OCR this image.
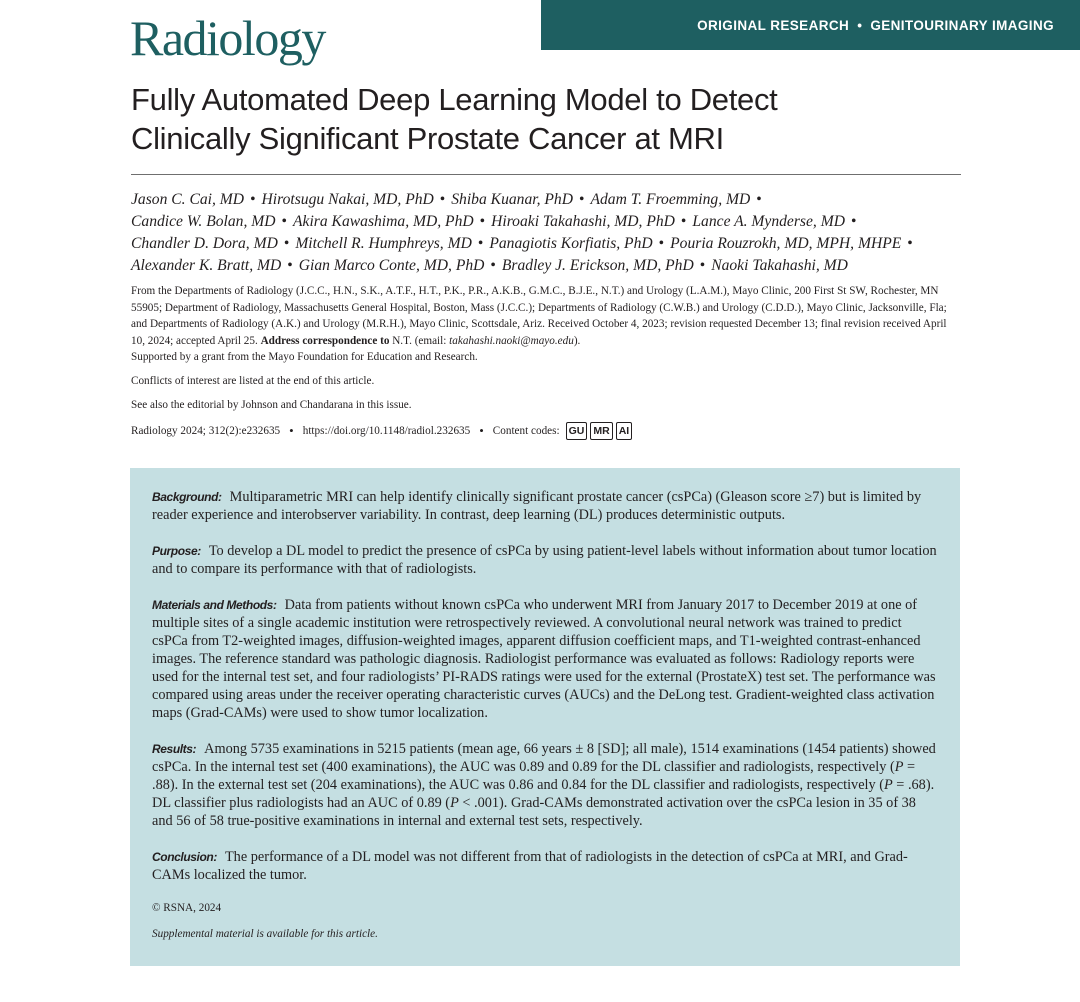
ORIGINAL RESEARCH • GENITOURINARY IMAGING
Radiology
Fully Automated Deep Learning Model to Detect
Clinically Significant Prostate Cancer at MRI
Jason C. Cai, MD • Hirotsugu Nakai, MD, PhD • Shiba Kuanar, PhD • Adam T. Froemming, MD •
Candice W. Bolan, MD • Akira Kawashima, MD, PhD • Hiroaki Takahashi, MD, PhD • Lance A. Mynderse, MD •
Chandler D. Dora, MD • Mitchell R. Humphreys, MD • Panagiotis Korfiatis, PhD • Pouria Rouzrokh, MD, MPH, MHPE •
Alexander K. Bratt, MD • Gian Marco Conte, MD, PhD • Bradley J. Erickson, MD, PhD • Naoki Takahashi, MD
From the Departments of Radiology (J.C.C., H.N., S.K., A.T.F., H.T., P.K., P.R., A.K.B., G.M.C., B.J.E., N.T.) and Urology (L.A.M.), Mayo Clinic, 200 First St SW, Rochester, MN 55905; Department of Radiology, Massachusetts General Hospital, Boston, Mass (J.C.C.); Departments of Radiology (C.W.B.) and Urology (C.D.D.), Mayo Clinic, Jacksonville, Fla; and Departments of Radiology (A.K.) and Urology (M.R.H.), Mayo Clinic, Scottsdale, Ariz. Received October 4, 2023; revision requested December 13; final revision received April 10, 2024; accepted April 25. Address correspondence to N.T. (email: takahashi.naoki@mayo.edu).
Supported by a grant from the Mayo Foundation for Education and Research.
Conflicts of interest are listed at the end of this article.
See also the editorial by Johnson and Chandarana in this issue.
Radiology 2024; 312(2):e232635 • https://doi.org/10.1148/radiol.232635 • Content codes: GU MR AI

Background: Multiparametric MRI can help identify clinically significant prostate cancer (csPCa) (Gleason score ≥7) but is limited by reader experience and interobserver variability. In contrast, deep learning (DL) produces deterministic outputs.

Purpose: To develop a DL model to predict the presence of csPCa by using patient-level labels without information about tumor location and to compare its performance with that of radiologists.

Materials and Methods: Data from patients without known csPCa who underwent MRI from January 2017 to December 2019 at one of multiple sites of a single academic institution were retrospectively reviewed. A convolutional neural network was trained to predict csPCa from T2-weighted images, diffusion-weighted images, apparent diffusion coefficient maps, and T1-weighted contrast-enhanced images. The reference standard was pathologic diagnosis. Radiologist performance was evaluated as follows: Radiology reports were used for the internal test set, and four radiologists’ PI-RADS ratings were used for the external (ProstateX) test set. The performance was compared using areas under the receiver operating characteristic curves (AUCs) and the DeLong test. Gradient-weighted class activation maps (Grad-CAMs) were used to show tumor localization.

Results: Among 5735 examinations in 5215 patients (mean age, 66 years ± 8 [SD]; all male), 1514 examinations (1454 patients) showed csPCa. In the internal test set (400 examinations), the AUC was 0.89 and 0.89 for the DL classifier and radiologists, respectively (P = .88). In the external test set (204 examinations), the AUC was 0.86 and 0.84 for the DL classifier and radiologists, respectively (P = .68). DL classifier plus radiologists had an AUC of 0.89 (P < .001). Grad-CAMs demonstrated activation over the csPCa lesion in 35 of 38 and 56 of 58 true-positive examinations in internal and external test sets, respectively.

Conclusion: The performance of a DL model was not different from that of radiologists in the detection of csPCa at MRI, and Grad-CAMs localized the tumor.

© RSNA, 2024
Supplemental material is available for this article.
